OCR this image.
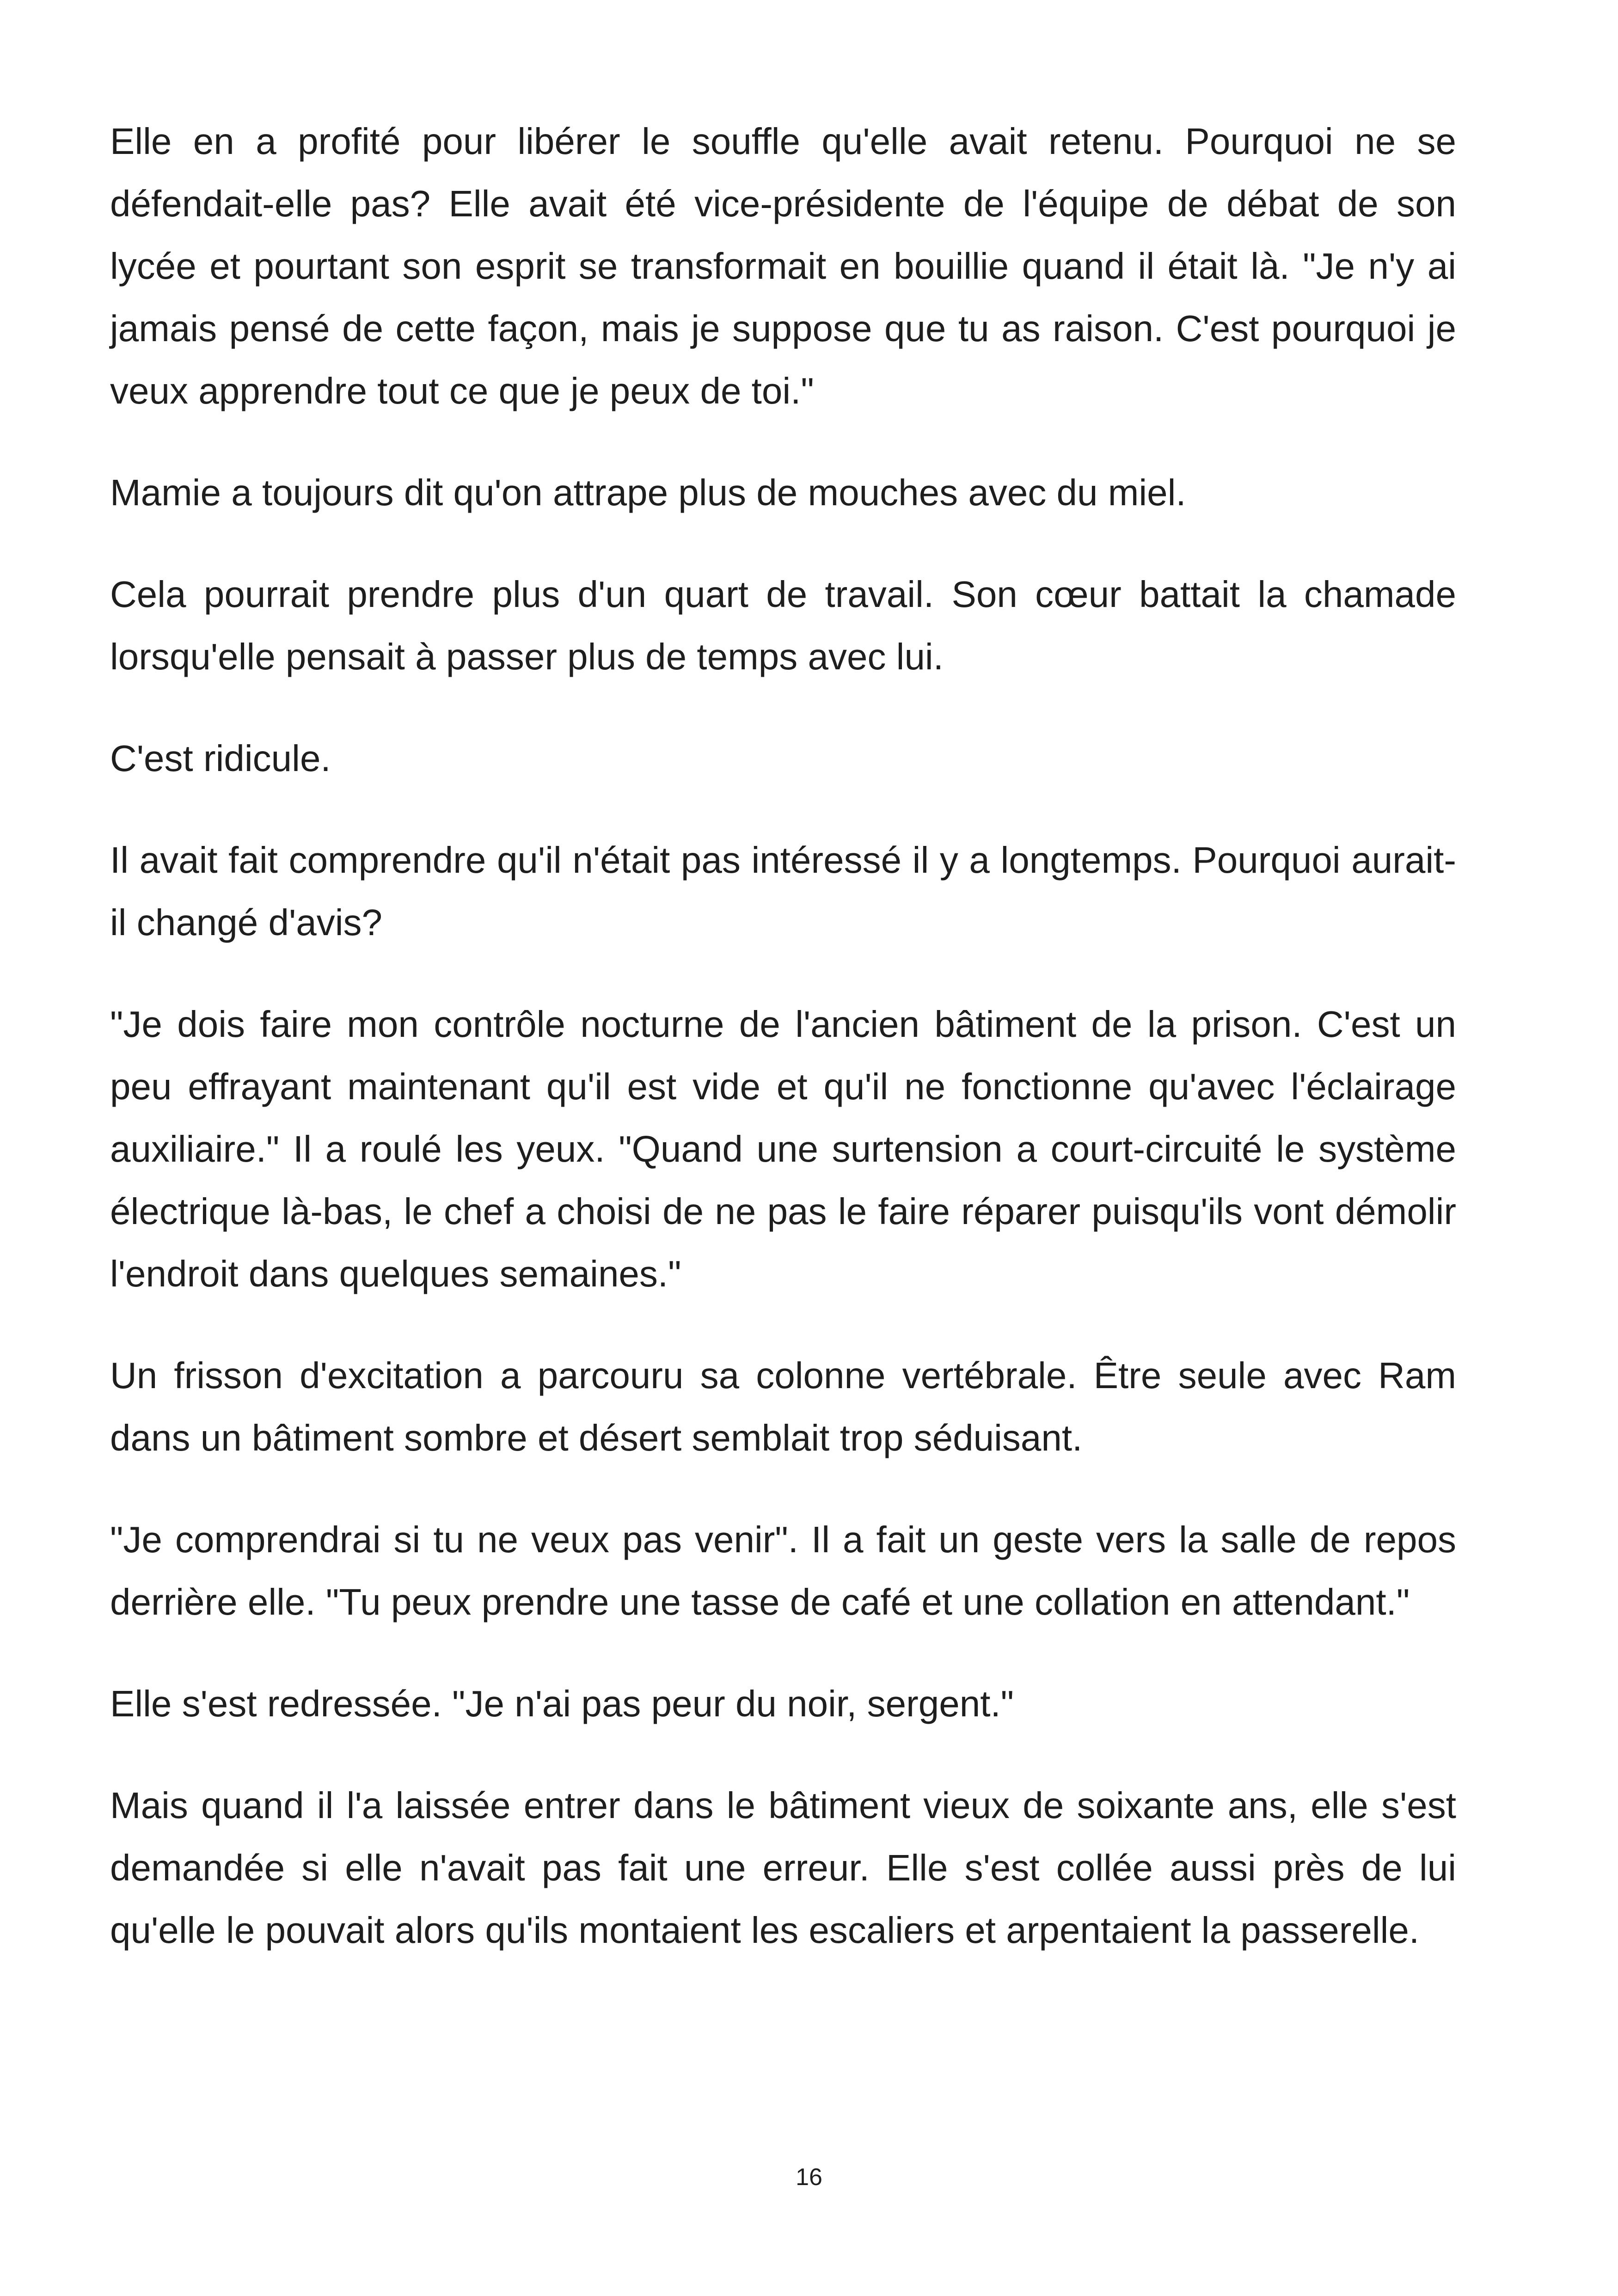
Elle en a profité pour libérer le souffle qu'elle avait retenu. Pourquoi ne se défendait-elle pas? Elle avait été vice-présidente de l'équipe de débat de son lycée et pourtant son esprit se transformait en bouillie quand il était là. "Je n'y ai jamais pensé de cette façon, mais je suppose que tu as raison. C'est pourquoi je veux apprendre tout ce que je peux de toi."

Mamie a toujours dit qu'on attrape plus de mouches avec du miel.

Cela pourrait prendre plus d'un quart de travail. Son cœur battait la chamade lorsqu'elle pensait à passer plus de temps avec lui.

C'est ridicule.

Il avait fait comprendre qu'il n'était pas intéressé il y a longtemps. Pourquoi aurait-il changé d'avis?

"Je dois faire mon contrôle nocturne de l'ancien bâtiment de la prison. C'est un peu effrayant maintenant qu'il est vide et qu'il ne fonctionne qu'avec l'éclairage auxiliaire." Il a roulé les yeux. "Quand une surtension a court-circuité le système électrique là-bas, le chef a choisi de ne pas le faire réparer puisqu'ils vont démolir l'endroit dans quelques semaines."

Un frisson d'excitation a parcouru sa colonne vertébrale. Être seule avec Ram dans un bâtiment sombre et désert semblait trop séduisant.

"Je comprendrai si tu ne veux pas venir". Il a fait un geste vers la salle de repos derrière elle. "Tu peux prendre une tasse de café et une collation en attendant."

Elle s'est redressée. "Je n'ai pas peur du noir, sergent."

Mais quand il l'a laissée entrer dans le bâtiment vieux de soixante ans, elle s'est demandée si elle n'avait pas fait une erreur. Elle s'est collée aussi près de lui qu'elle le pouvait alors qu'ils montaient les escaliers et arpentaient la passerelle.

16
